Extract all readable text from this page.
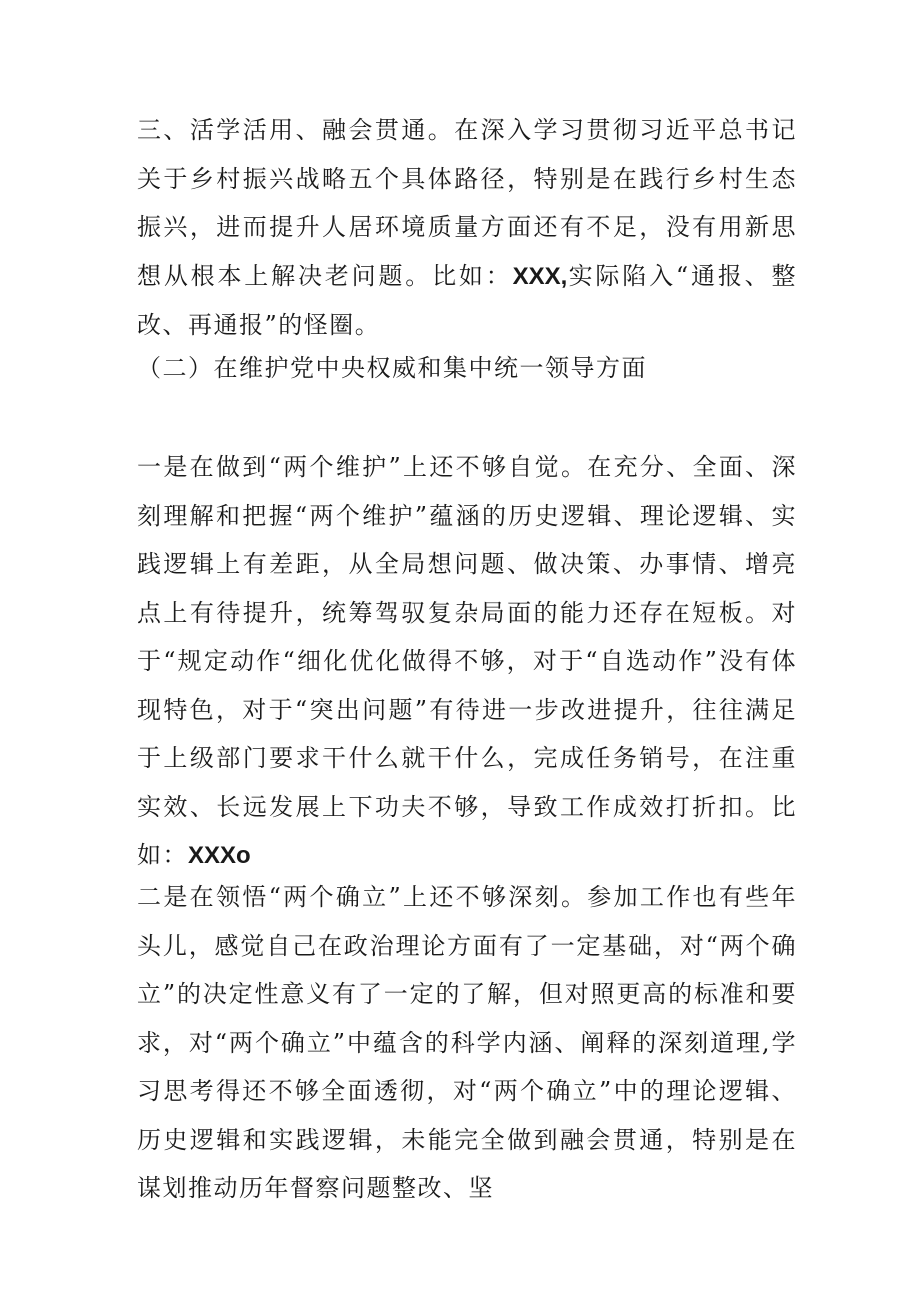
三、活学活用、融会贯通。在深入学习贯彻习近平总书记关于乡村振兴战略五个具体路径，特别是在践行乡村生态振兴，进而提升人居环境质量方面还有不足，没有用新思想从根本上解决老问题。比如：XXX,实际陷入“通报、整改、再通报”的怪圈。

（二）在维护党中央权威和集中统一领导方面

一是在做到“两个维护”上还不够自觉。在充分、全面、深刻理解和把握“两个维护”蕴涵的历史逻辑、理论逻辑、实践逻辑上有差距，从全局想问题、做决策、办事情、增亮点上有待提升，统筹驾驭复杂局面的能力还存在短板。对于“规定动作“细化优化做得不够，对于“自选动作”没有体现特色，对于“突出问题”有待进一步改进提升，往往满足于上级部门要求干什么就干什么，完成任务销号，在注重实效、长远发展上下功夫不够，导致工作成效打折扣。比如：XXXo

二是在领悟“两个确立”上还不够深刻。参加工作也有些年头儿，感觉自己在政治理论方面有了一定基础，对“两个确立”的决定性意义有了一定的了解，但对照更高的标准和要求，对“两个确立”中蕴含的科学内涵、阐释的深刻道理,学习思考得还不够全面透彻，对“两个确立”中的理论逻辑、历史逻辑和实践逻辑，未能完全做到融会贯通，特别是在谋划推动历年督察问题整改、坚
